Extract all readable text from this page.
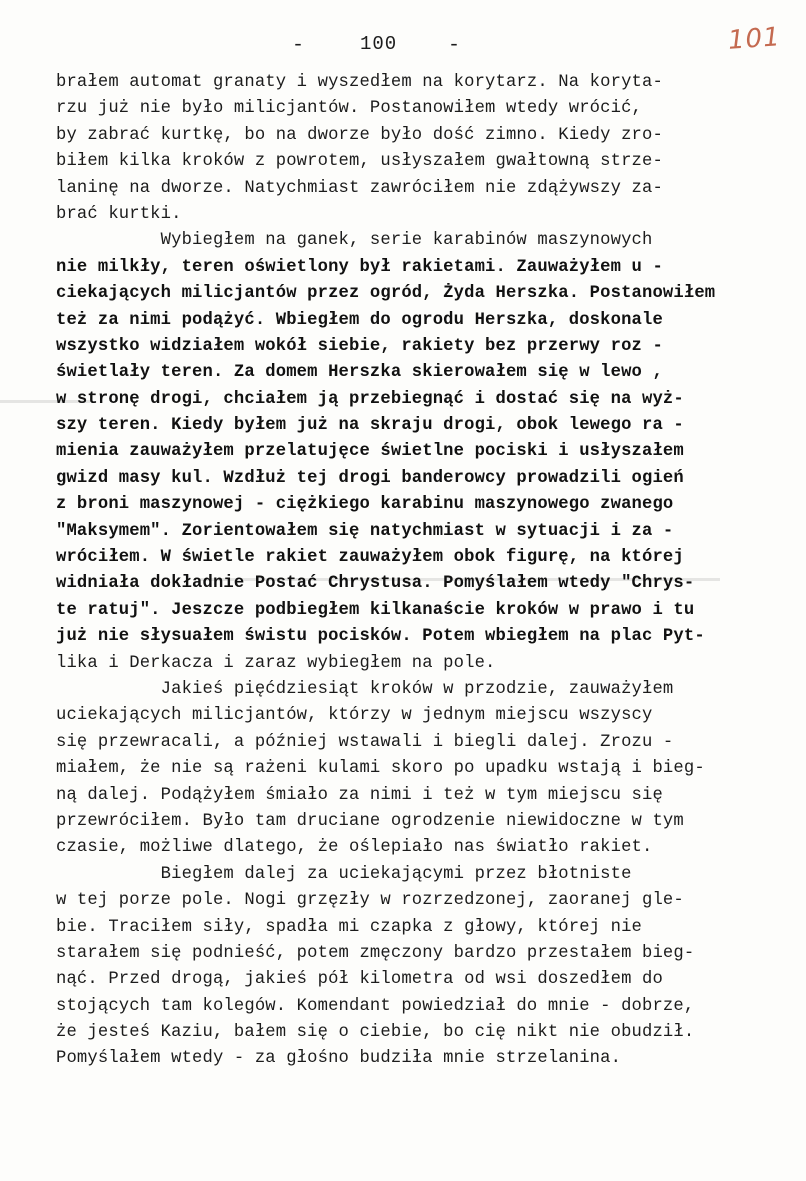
-	100	-	101
brałem automat granaty i wyszedłem na korytarz. Na koryta-
rzu już nie było milicjantów. Postanowiłem wtedy wrócić,
by zabrać kurtkę, bo na dworze było dość zimno. Kiedy zro-
biłem kilka kroków z powrotem, usłyszałem gwałtowną strze-
laninę na dworze. Natychmiast zawróciłem nie zdążywszy za-
brać kurtki.
Wybiegłem na ganek, serie karabinów maszynowych
nie milkły, teren oświetlony był rakietami. Zauważyłem u -
ciekających milicjantów przez ogród, Żyda Herszka. Postanowiłem
też za nimi podążyć. Wbiegłem do ogrodu Herszka, doskonale
wszystko widziałem wokół siebie, rakiety bez przerwy roz -
świetlały teren. Za domem Herszka skierowałem się w lewo ,
w stronę drogi, chciałem ją przebiegnąć i dostać się na wyż-
szy teren. Kiedy byłem już na skraju drogi, obok lewego ra -
mienia zauważyłem przelatujęce świetlne pociski i usłyszałem
gwizd masy kul. Wzdłuż tej drogi banderowcy prowadzili ogień
z broni maszynowej - ciężkiego karabinu maszynowego zwanego
"Maksymem". Zorientowałem się natychmiast w sytuacji i za -
wróciłem. W świetle rakiet zauważyłem obok figurę, na której
widniała dokładnie Postać Chrystusa. Pomyślałem wtedy "Chrys-
te ratuj". Jeszcze podbiegłem kilkanaście kroków w prawo i tu
już nie słysuałem świstu pocisków. Potem wbiegłem na plac Pyt-
lika i Derkacza i zaraz wybiegłem na pole.
Jakieś pięćdziesiąt kroków w przodzie, zauważyłem
uciekających milicjantów, którzy w jednym miejscu wszyscy
się przewracali, a później wstawali i biegli dalej. Zrozu -
miałem, że nie są rażeni kulami skoro po upadku wstają i bieg-
ną dalej. Podążyłem śmiało za nimi i też w tym miejscu się
przewróciłem. Było tam druciane ogrodzenie niewidoczne w tym
czasie, możliwe dlatego, że oślepiało nas światło rakiet.
Biegłem dalej za uciekającymi przez błotniste
w tej porze pole. Nogi grzęzły w rozrzedzonej, zaoranej gle-
bie. Traciłem siły, spadła mi czapka z głowy, której nie
starałem się podnieść, potem zmęczony bardzo przestałem bieg-
nąć. Przed drogą, jakieś pół kilometra od wsi doszedłem do
stojących tam kolegów. Komendant powiedział do mnie - dobrze,
że jesteś Kaziu, bałem się o ciebie, bo cię nikt nie obudził.
Pomyślałem wtedy - za głośno budziła mnie strzelanina.
